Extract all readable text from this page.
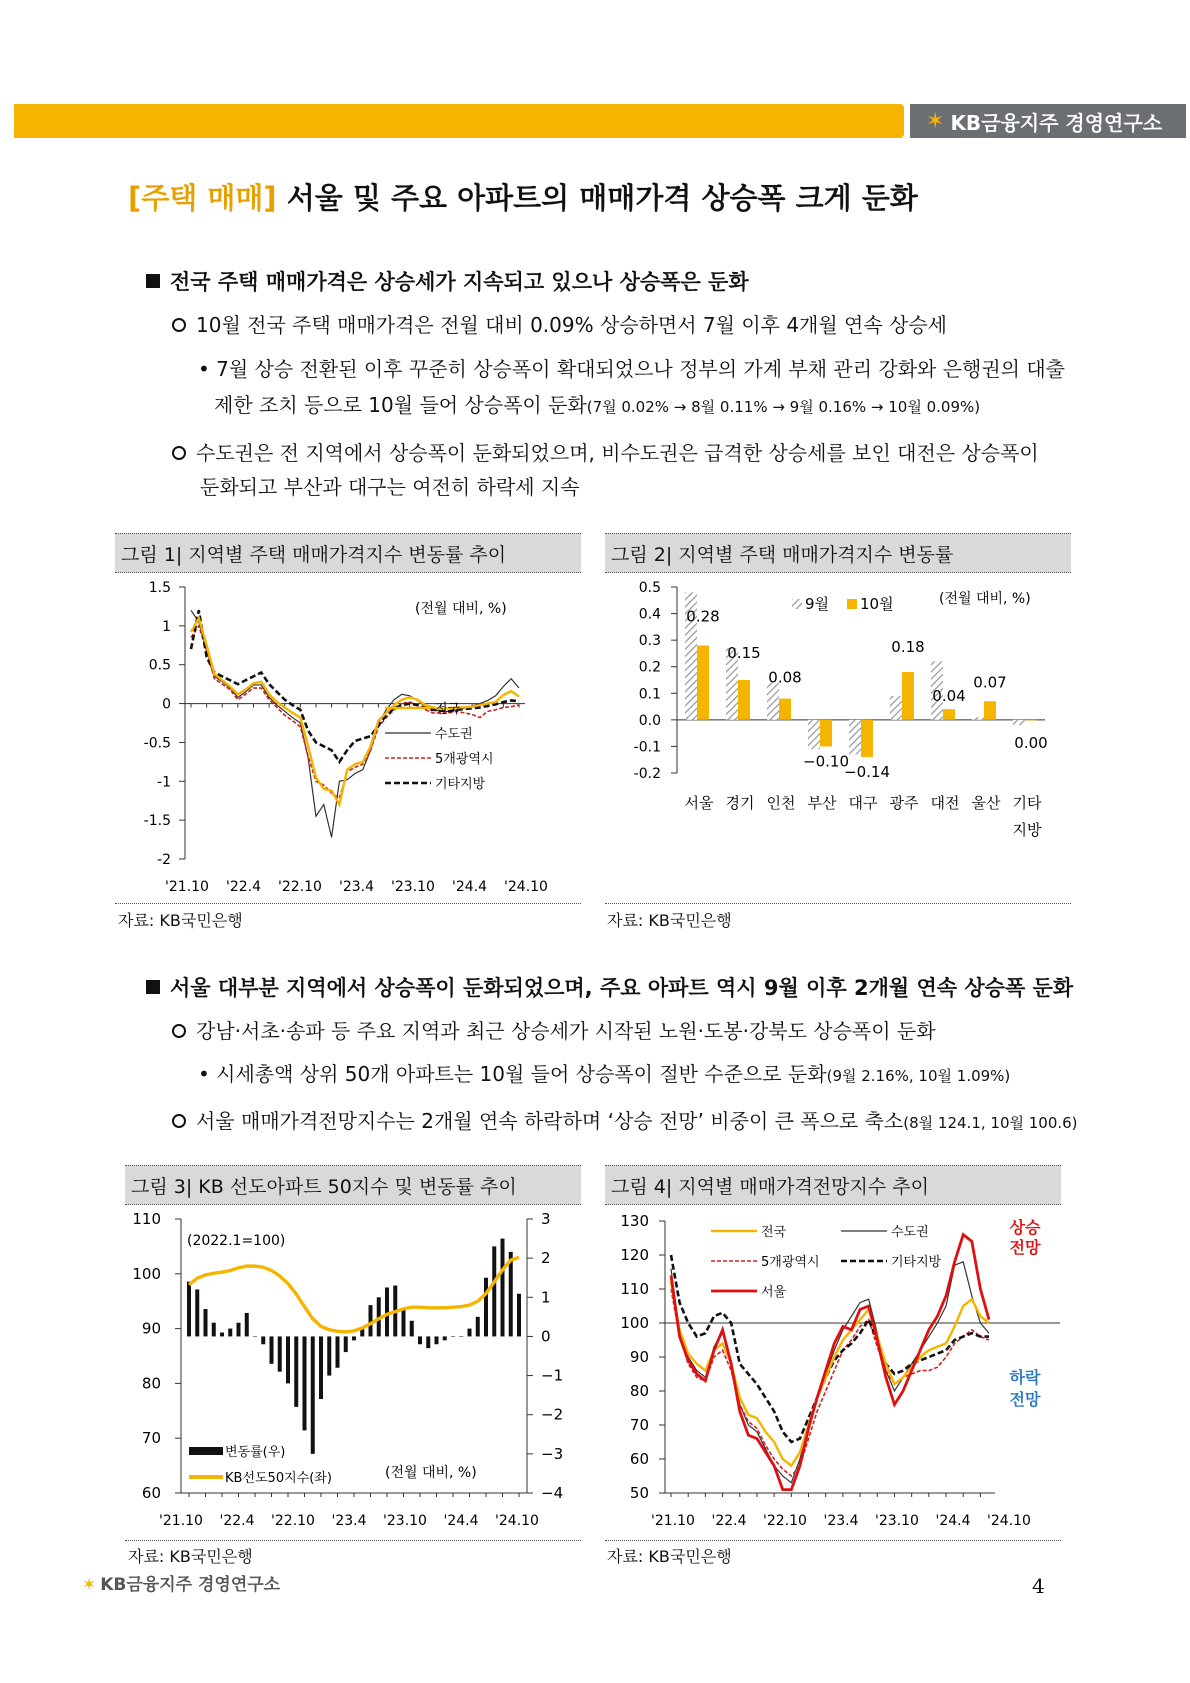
✶ KB금융지주 경영연구소
[주택 매매] 서울 및 주요 아파트의 매매가격 상승폭 크게 둔화
전국 주택 매매가격은 상승세가 지속되고 있으나 상승폭은 둔화
10월 전국 주택 매매가격은 전월 대비 0.09% 상승하면서 7월 이후 4개월 연속 상승세
• 7월 상승 전환된 이후 꾸준히 상승폭이 확대되었으나 정부의 가계 부채 관리 강화와 은행권의 대출
제한 조치 등으로 10월 들어 상승폭이 둔화(7월 0.02% → 8월 0.11% → 9월 0.16% → 10월 0.09%)
수도권은 전 지역에서 상승폭이 둔화되었으며, 비수도권은 급격한 상승세를 보인 대전은 상승폭이
둔화되고 부산과 대구는 여전히 하락세 지속
그림 1| 지역별 주택 매매가격지수 변동률 추이
1.5
1
0.5
0
-0.5
-1
-1.5
-2
'21.10 '22.4 '22.10 '23.4 '23.10 '24.4 '24.10
(전월 대비, %)
전국
수도권
5개광역시
기타지방
자료: KB국민은행
그림 2| 지역별 주택 매매가격지수 변동률
0.5
0.4
0.3
0.2
0.1
0.0
-0.1
-0.2
0.28
서울
0.15
경기
0.08
인천
−0.10
부산
−0.14
대구
0.18
광주
0.04
대전
0.07
울산
0.00
기타
지방
9월 10월	(전월 대비, %)
자료: KB국민은행
서울 대부분 지역에서 상승폭이 둔화되었으며, 주요 아파트 역시 9월 이후 2개월 연속 상승폭 둔화
강남·서초·송파 등 주요 지역과 최근 상승세가 시작된 노원·도봉·강북도 상승폭이 둔화
• 시세총액 상위 50개 아파트는 10월 들어 상승폭이 절반 수준으로 둔화(9월 2.16%, 10월 1.09%)
서울 매매가격전망지수는 2개월 연속 하락하며 ‘상승 전망’ 비중이 큰 폭으로 축소(8월 124.1, 10월 100.6)
그림 3| KB 선도아파트 50지수 및 변동률 추이
110
100
90
80
70
60
3
2
1
0
−1
−2
−3
−4
'21.10 '22.4 '22.10 '23.4 '23.10 '24.4 '24.10
(2022.1=100)
(전월 대비, %)
변동률(우)
KB선도50지수(좌)
자료: KB국민은행
그림 4| 지역별 매매가격전망지수 추이
130
120
110
100
90
80
70
60
50
'21.10 '22.4 '22.10 '23.4 '23.10 '24.4 '24.10
전국	수도권
5개광역시	기타지방
서울
상승
전망
하락
전망
자료: KB국민은행
✶ KB금융지주 경영연구소	4
